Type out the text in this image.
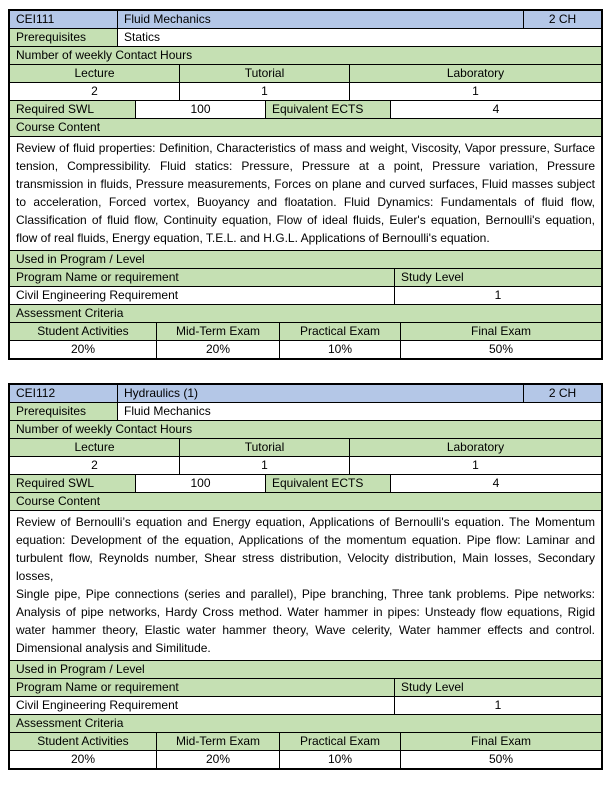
CEI111	Fluid Mechanics	2 CH
Prerequisites	Statics
Number of weekly Contact Hours
Lecture	Tutorial	Laboratory
2	1	1
Required SWL	100	Equivalent ECTS	4
Course Content

Review of fluid properties: Definition, Characteristics of mass and weight, Viscosity, Vapor pressure, Surface tension, Compressibility. Fluid statics: Pressure, Pressure at a point, Pressure variation, Pressure transmission in fluids, Pressure measurements, Forces on plane and curved surfaces, Fluid masses subject to acceleration, Forced vortex, Buoyancy and floatation. Fluid Dynamics: Fundamentals of fluid flow, Classification of fluid flow, Continuity equation, Flow of ideal fluids, Euler's equation, Bernoulli's equation, flow of real fluids, Energy equation, T.E.L. and H.G.L. Applications of Bernoulli's equation.

Used in Program / Level
Program Name or requirement	Study Level
Civil Engineering Requirement	1
Assessment Criteria
Student Activities	Mid-Term Exam	Practical Exam	Final Exam
20%	20%	10%	50%
CEI112	Hydraulics (1)	2 CH
Prerequisites	Fluid Mechanics
Number of weekly Contact Hours
Lecture	Tutorial	Laboratory
2	1	1
Required SWL	100	Equivalent ECTS	4
Course Content

Review of Bernoulli’s equation and Energy equation, Applications of Bernoulli's equation. The Momentum equation: Development of the equation, Applications of the momentum equation. Pipe flow: Laminar and turbulent flow, Reynolds number, Shear stress distribution, Velocity distribution, Main losses, Secondary losses,

Single pipe, Pipe connections (series and parallel), Pipe branching, Three tank problems. Pipe networks: Analysis of pipe networks, Hardy Cross method. Water hammer in pipes: Unsteady flow equations, Rigid water hammer theory, Elastic water hammer theory, Wave celerity, Water hammer effects and control. Dimensional analysis and Similitude.

Used in Program / Level
Program Name or requirement	Study Level
Civil Engineering Requirement	1
Assessment Criteria
Student Activities	Mid-Term Exam	Practical Exam	Final Exam
20%	20%	10%	50%
